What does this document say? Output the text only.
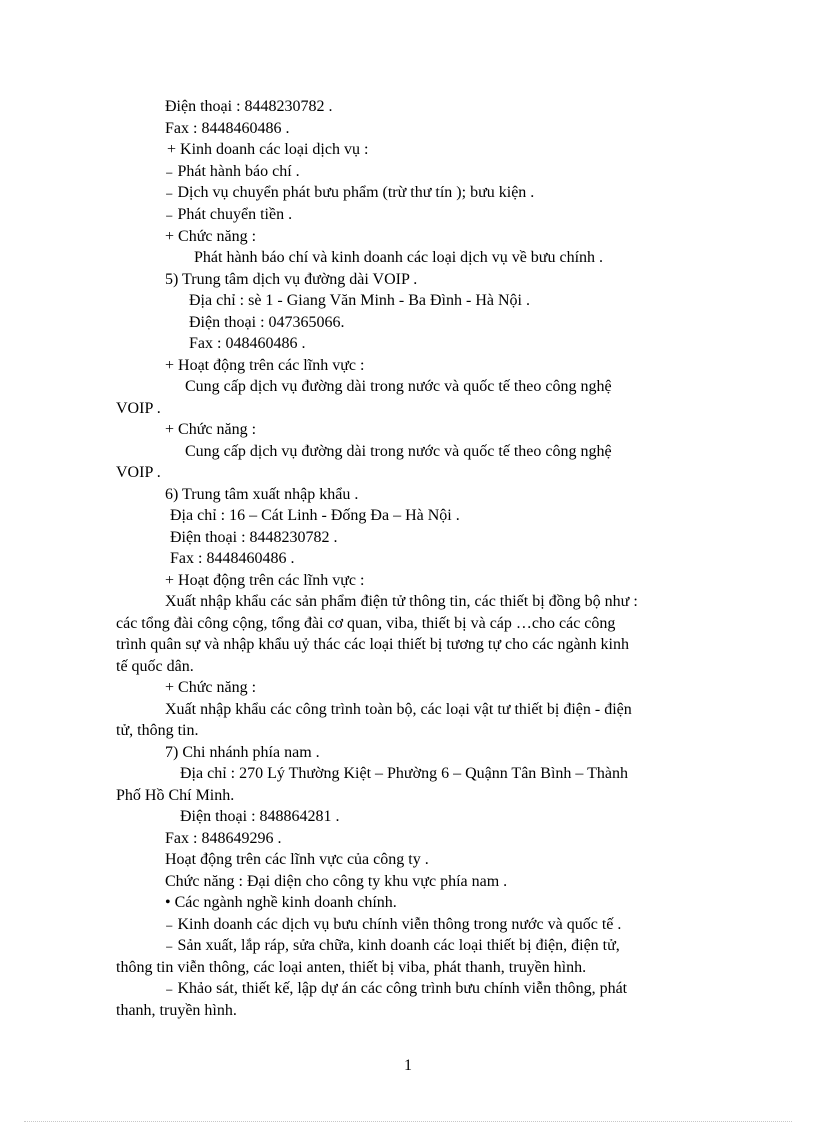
Điện thoại : 8448230782 .
Fax : 8448460486 .
+ Kinh doanh các loại dịch vụ :
₋ Phát hành báo chí .
₋ Dịch vụ chuyển phát bưu phẩm (trừ thư tín ); bưu kiện .
₋ Phát chuyển tiền .
+ Chức năng :
Phát hành báo chí và kinh doanh các loại dịch vụ về bưu chính .
5) Trung tâm dịch vụ đường dài VOIP .
Địa chỉ : sè 1 - Giang Văn Minh - Ba Đình - Hà Nội .
Điện thoại : 047365066.
Fax : 048460486 .
+ Hoạt động trên các lĩnh vực :
Cung cấp dịch vụ đường dài trong nước và quốc tế theo công nghệ
VOIP .
+ Chức năng :
Cung cấp dịch vụ đường dài trong nước và quốc tế theo công nghệ
VOIP .
6) Trung tâm xuất nhập khẩu .
Địa chỉ : 16 – Cát Linh - Đống Đa – Hà Nội .
Điện thoại : 8448230782 .
Fax : 8448460486 .
+ Hoạt động trên các lĩnh vực :
Xuất nhập khẩu các sản phẩm điện tử thông tin, các thiết bị đồng bộ như :
các tổng đài công cộng, tổng đài cơ quan, viba, thiết bị và cáp …cho các công
trình quân sự và nhập khẩu uỷ thác các loại thiết bị tương tự cho các ngành kinh
tế quốc dân.
+ Chức năng :
Xuất nhập khẩu các công trình toàn bộ, các loại vật tư thiết bị điện - điện
tử, thông tin.
7) Chi nhánh phía nam .
Địa chỉ : 270 Lý Thường Kiệt – Phường 6 – Quậnn Tân Bình – Thành
Phố Hồ Chí Minh.
Điện thoại : 848864281 .
Fax : 848649296 .
Hoạt động trên các lĩnh vực của công ty .
Chức năng : Đại diện cho công ty khu vực phía nam .
• Các ngành nghề kinh doanh chính.
₋ Kinh doanh các dịch vụ bưu chính viễn thông trong nước và quốc tế .
₋ Sản xuất, lắp ráp, sửa chữa, kinh doanh các loại thiết bị điện, điện tử,
thông tin viễn thông, các loại anten, thiết bị viba, phát thanh, truyền hình.
₋ Khảo sát, thiết kế, lập dự án các công trình bưu chính viễn thông, phát
thanh, truyền hình.
1
